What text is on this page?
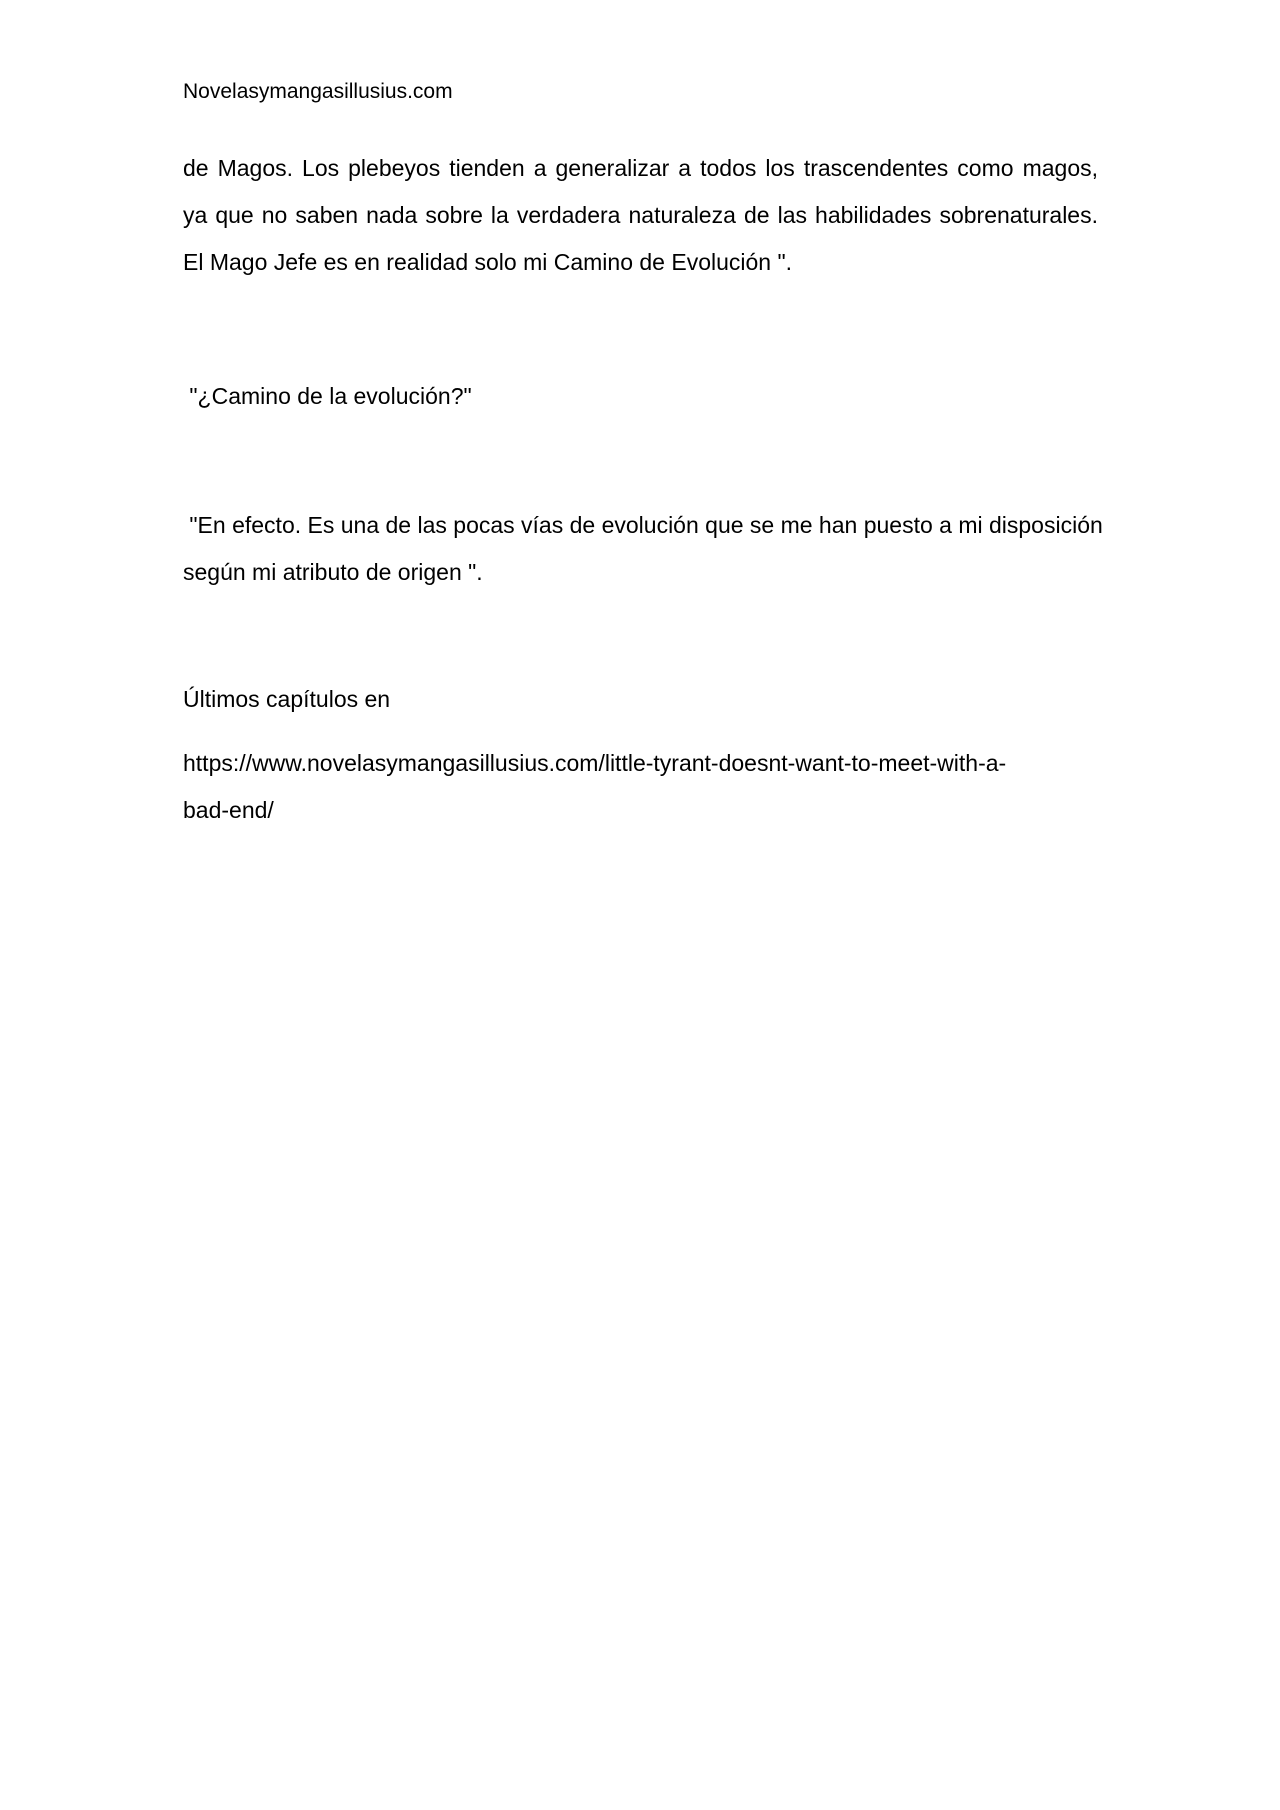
Novelasymangasillusius.com
de Magos. Los plebeyos tienden a generalizar a todos los trascendentes como magos,
ya que no saben nada sobre la verdadera naturaleza de las habilidades sobrenaturales.
El Mago Jefe es en realidad solo mi Camino de Evolución ".
"¿Camino de la evolución?"
"En efecto. Es una de las pocas vías de evolución que se me han puesto a mi disposición
según mi atributo de origen ".
Últimos capítulos en
https://www.novelasymangasillusius.com/little-tyrant-doesnt-want-to-meet-with-a-
bad-end/
